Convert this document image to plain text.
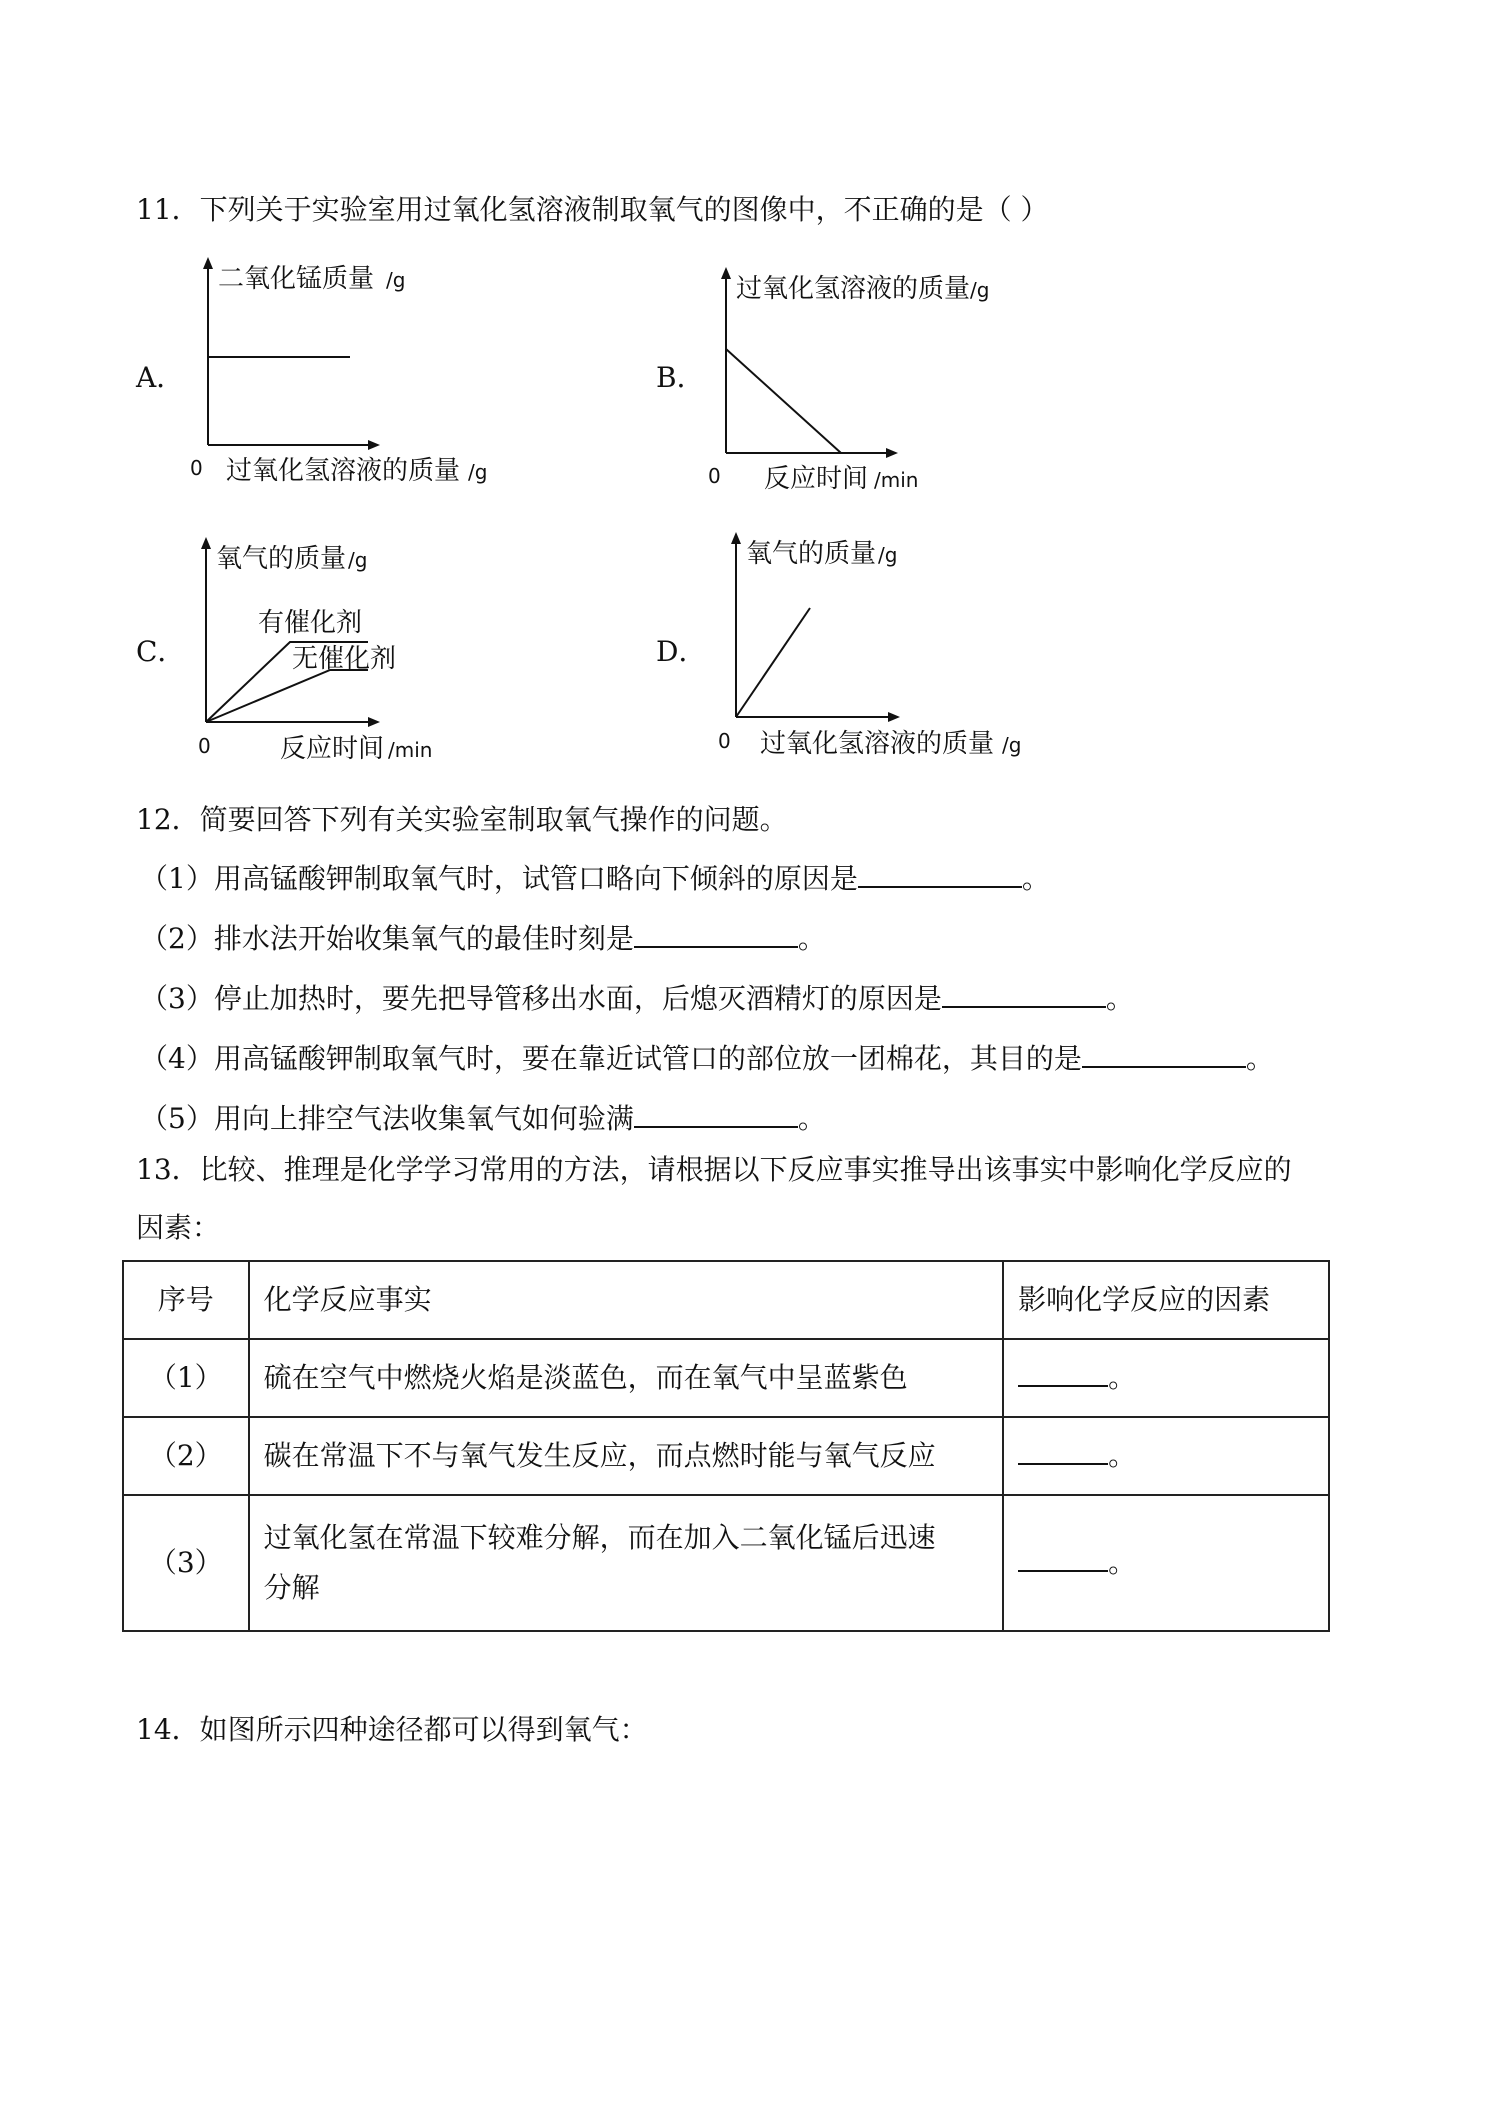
11．下列关于实验室用过氧化氢溶液制取氧气的图像中，不正确的是（ ）
A．
二氧化锰质量 /g
0 过氧化氢溶液的质量 /g
B．
过氧化氢溶液的质量 /g
0 反应时间 /min
C．
氧气的质量 /g
有催化剂
无催化剂
0	反应时间 /min
D．
氧气的质量 /g
0 过氧化氢溶液的质量 /g
12．简要回答下列有关实验室制取氧气操作的问题。
（1）用高锰酸钾制取氧气时，试管口略向下倾斜的原因是	。
（2）排水法开始收集氧气的最佳时刻是	。
（3）停止加热时，要先把导管移出水面，后熄灭酒精灯的原因是	。
（4）用高锰酸钾制取氧气时，要在靠近试管口的部位放一团棉花，其目的是	。
（5）用向上排空气法收集氧气如何验满	。
13．比较、推理是化学学习常用的方法，请根据以下反应事实推导出该事实中影响化学反应的
因素：
序号	化学反应事实	影响化学反应的因素
（1）	硫在空气中燃烧火焰是淡蓝色，而在氧气中呈蓝紫色	。
（2）	碳在常温下不与氧气发生反应，而点燃时能与氧气反应	。
（3）	过氧化氢在常温下较难分解，而在加入二氧化锰后迅速
分解	。
14．如图所示四种途径都可以得到氧气：
